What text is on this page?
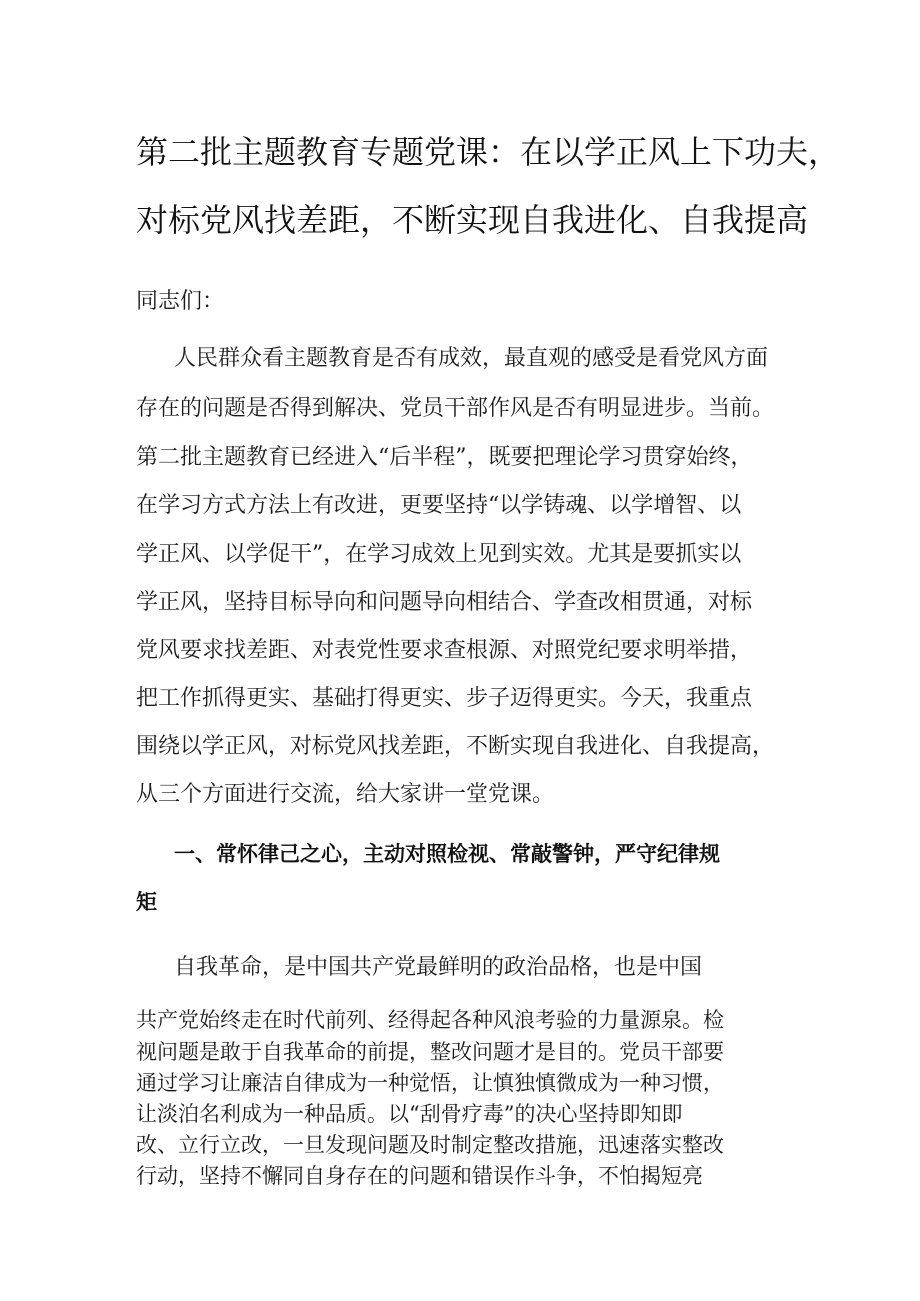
第二批主题教育专题党课：在以学正风上下功夫，
对标党风找差距，不断实现自我进化、自我提高
同志们：
人民群众看主题教育是否有成效，最直观的感受是看党风方面
存在的问题是否得到解决、党员干部作风是否有明显进步。当前。
第二批主题教育已经进入“后半程”，既要把理论学习贯穿始终，
在学习方式方法上有改进，更要坚持“以学铸魂、以学增智、以
学正风、以学促干”，在学习成效上见到实效。尤其是要抓实以
学正风，坚持目标导向和问题导向相结合、学查改相贯通，对标
党风要求找差距、对表党性要求查根源、对照党纪要求明举措，
把工作抓得更实、基础打得更实、步子迈得更实。今天，我重点
围绕以学正风，对标党风找差距，不断实现自我进化、自我提高，
从三个方面进行交流，给大家讲一堂党课。
一、常怀律己之心，主动对照检视、常敲警钟，严守纪律规
矩
自我革命，是中国共产党最鲜明的政治品格，也是中国
共产党始终走在时代前列、经得起各种风浪考验的力量源泉。检
视问题是敢于自我革命的前提，整改问题才是目的。党员干部要
通过学习让廉洁自律成为一种觉悟，让慎独慎微成为一种习惯，
让淡泊名利成为一种品质。以“刮骨疗毒”的决心坚持即知即
改、立行立改，一旦发现问题及时制定整改措施，迅速落实整改
行动，坚持不懈同自身存在的问题和错误作斗争，不怕揭短亮
